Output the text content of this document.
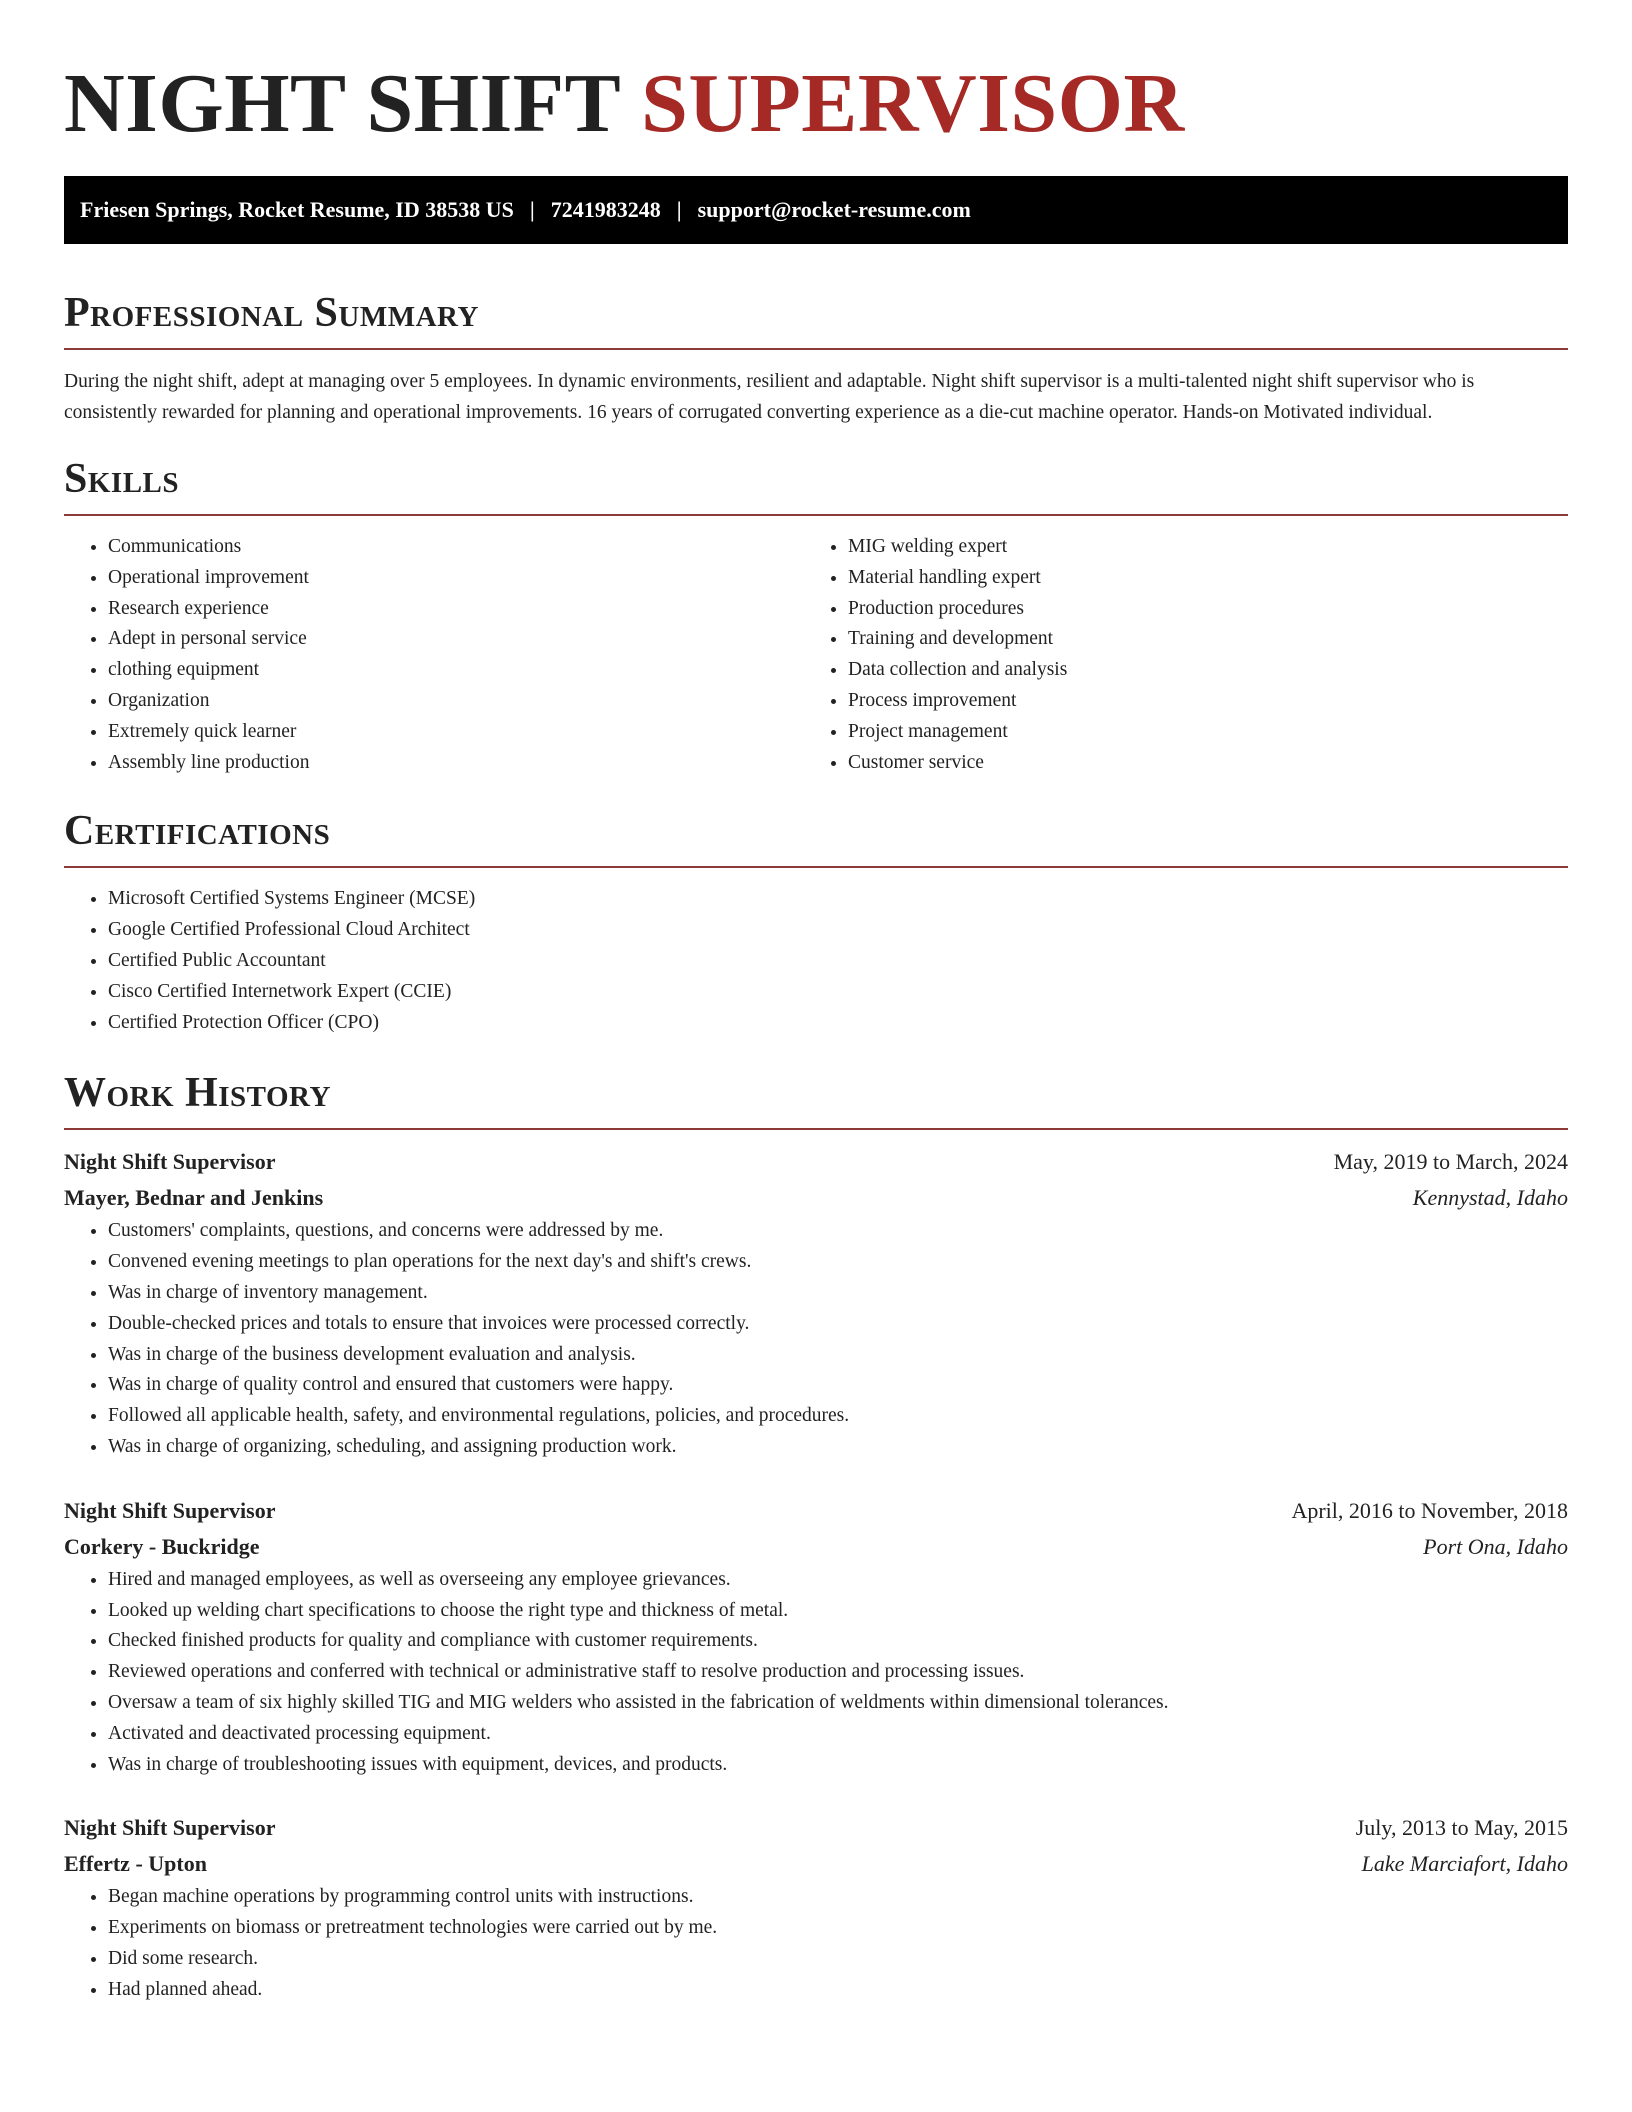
NIGHT SHIFT SUPERVISOR
Friesen Springs, Rocket Resume, ID 38538 US | 7241983248 | support@rocket-resume.com
Professional Summary

During the night shift, adept at managing over 5 employees. In dynamic environments, resilient and adaptable. Night shift supervisor is a multi-talented night shift supervisor who is consistently rewarded for planning and operational improvements. 16 years of corrugated converting experience as a die-cut machine operator. Hands-on Motivated individual.

Skills
• Communications
• Operational improvement
• Research experience
• Adept in personal service
• clothing equipment
• Organization
• Extremely quick learner
• Assembly line production
• MIG welding expert
• Material handling expert
• Production procedures
• Training and development
• Data collection and analysis
• Process improvement
• Project management
• Customer service
Certifications
• Microsoft Certified Systems Engineer (MCSE)
• Google Certified Professional Cloud Architect
• Certified Public Accountant
• Cisco Certified Internetwork Expert (CCIE)
• Certified Protection Officer (CPO)
Work History
Night Shift Supervisor	May, 2019 to March, 2024
Mayer, Bednar and Jenkins	Kennystad, Idaho
• Customers' complaints, questions, and concerns were addressed by me.
• Convened evening meetings to plan operations for the next day's and shift's crews.
• Was in charge of inventory management.
• Double-checked prices and totals to ensure that invoices were processed correctly.
• Was in charge of the business development evaluation and analysis.
• Was in charge of quality control and ensured that customers were happy.
• Followed all applicable health, safety, and environmental regulations, policies, and procedures.
• Was in charge of organizing, scheduling, and assigning production work.
Night Shift Supervisor	April, 2016 to November, 2018
Corkery - Buckridge	Port Ona, Idaho
• Hired and managed employees, as well as overseeing any employee grievances.
• Looked up welding chart specifications to choose the right type and thickness of metal.
• Checked finished products for quality and compliance with customer requirements.
• Reviewed operations and conferred with technical or administrative staff to resolve production and processing issues.
• Oversaw a team of six highly skilled TIG and MIG welders who assisted in the fabrication of weldments within dimensional tolerances.
• Activated and deactivated processing equipment.
• Was in charge of troubleshooting issues with equipment, devices, and products.
Night Shift Supervisor	July, 2013 to May, 2015
Effertz - Upton	Lake Marciafort, Idaho
• Began machine operations by programming control units with instructions.
• Experiments on biomass or pretreatment technologies were carried out by me.
• Did some research.
• Had planned ahead.
